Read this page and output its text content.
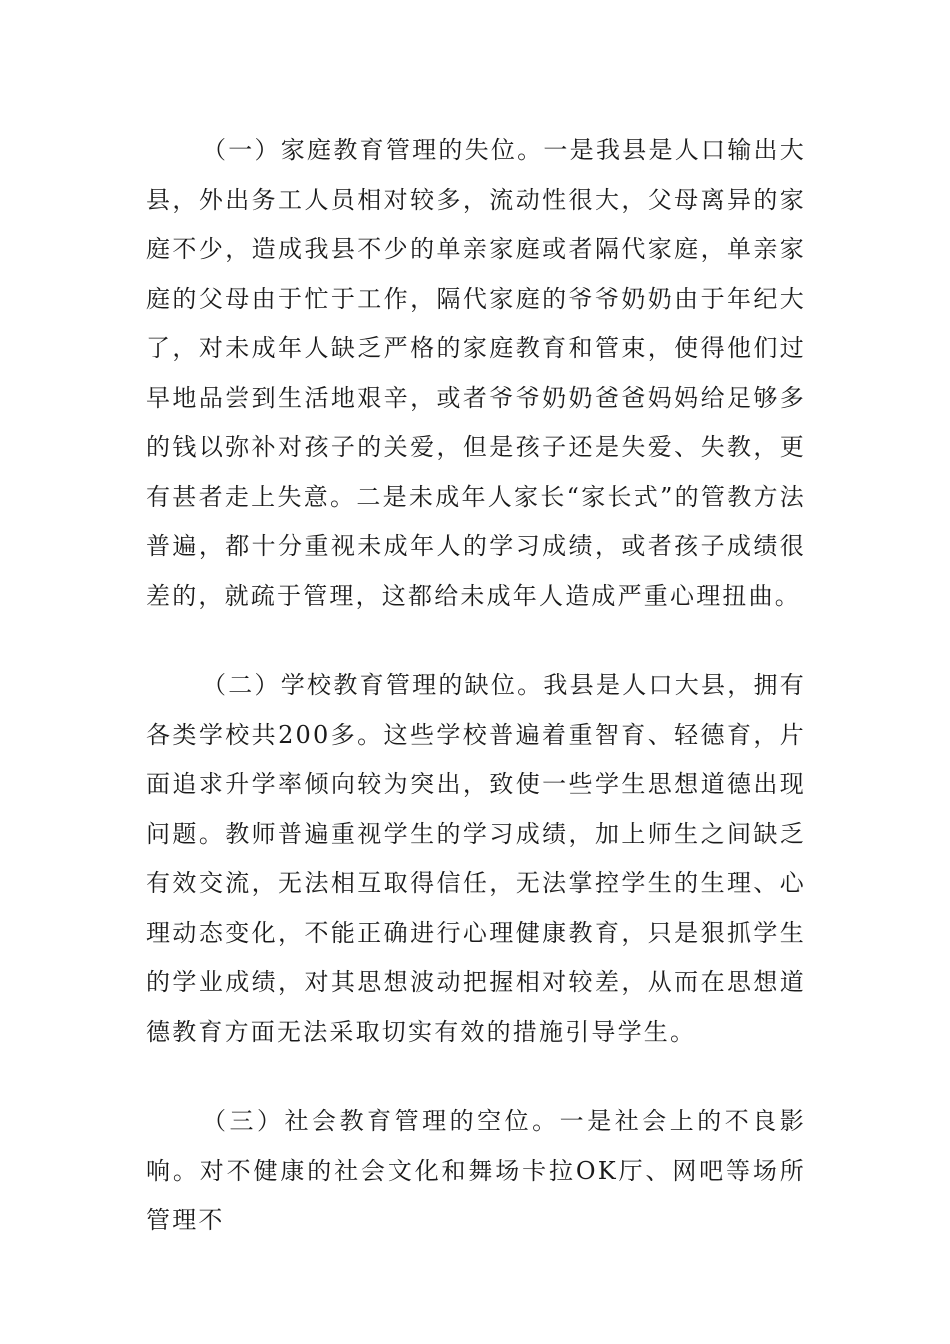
（一）家庭教育管理的失位。一是我县是人口输出大县，外出务工人员相对较多，流动性很大，父母离异的家庭不少，造成我县不少的单亲家庭或者隔代家庭，单亲家庭的父母由于忙于工作，隔代家庭的爷爷奶奶由于年纪大了，对未成年人缺乏严格的家庭教育和管束，使得他们过早地品尝到生活地艰辛，或者爷爷奶奶爸爸妈妈给足够多的钱以弥补对孩子的关爱，但是孩子还是失爱、失教，更有甚者走上失意。二是未成年人家长“家长式”的管教方法普遍，都十分重视未成年人的学习成绩，或者孩子成绩很差的，就疏于管理，这都给未成年人造成严重心理扭曲。

（二）学校教育管理的缺位。我县是人口大县，拥有各类学校共200多。这些学校普遍着重智育、轻德育，片面追求升学率倾向较为突出，致使一些学生思想道德出现问题。教师普遍重视学生的学习成绩，加上师生之间缺乏有效交流，无法相互取得信任，无法掌控学生的生理、心理动态变化，不能正确进行心理健康教育，只是狠抓学生的学业成绩，对其思想波动把握相对较差，从而在思想道德教育方面无法采取切实有效的措施引导学生。

（三）社会教育管理的空位。一是社会上的不良影响。对不健康的社会文化和舞场卡拉OK厅、网吧等场所管理不
